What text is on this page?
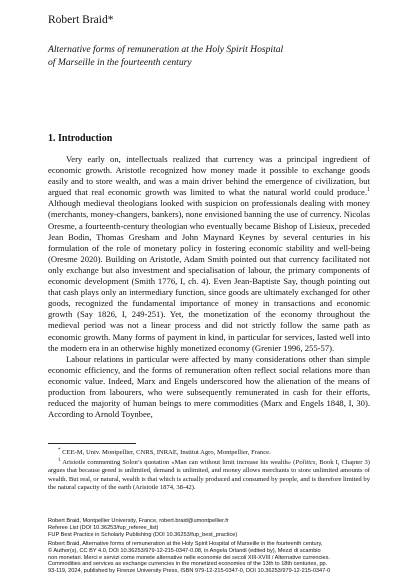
Robert Braid*
Alternative forms of remuneration at the Holy Spirit Hospital
of Marseille in the fourteenth century
1. Introduction

Very early on, intellectuals realized that currency was a principal ingredient of economic growth. Aristotle recognized how money made it possible to exchange goods easily and to store wealth, and was a main driver behind the emergence of civilization, but argued that real economic growth was limited to what the natural world could produce.$^1$ Although medieval theologians looked with suspicion on professionals dealing with money (merchants, money-changers, bankers), none envisioned banning the use of currency. Nicolas Oresme, a fourteenth-century theologian who eventually became Bishop of Lisieux, preceded Jean Bodin, Thomas Gresham and John Maynard Keynes by several centuries in his formulation of the role of monetary policy in fostering economic stability and well-being (Oresme 2020). Building on Aristotle, Adam Smith pointed out that currency facilitated not only exchange but also investment and specialisation of labour, the primary components of economic development (Smith 1776, I, ch. 4). Even Jean-Baptiste Say, though pointing out that cash plays only an intermediary function, since goods are ultimately exchanged for other goods, recognized the fundamental importance of money in transactions and economic growth (Say 1826, I, 249-251). Yet, the monetization of the economy throughout the medieval period was not a linear process and did not strictly follow the same path as economic growth. Many forms of payment in kind, in particular for services, lasted well into the modern era in an otherwise highly monetized economy (Grenier 1996, 255-57).

Labour relations in particular were affected by many considerations other than simple economic efficiency, and the forms of remuneration often reflect social relations more than economic value. Indeed, Marx and Engels underscored how the alienation of the means of production from labourers, who were subsequently remunerated in cash for their efforts, reduced the majority of human beings to mere commodities (Marx and Engels 1848, I, 30). According to Arnold Toynbee,

* CEE-M, Univ. Montpellier, CNRS, INRAE, Institut Agro, Montpellier, France.

$^1$ Aristotle commenting Solon’s quotation «Man can without limit increase his wealth» (Politics, Book I, Chapter 3) argues that because greed is unlimited, demand is unlimited, and money allows merchants to store unlimited amounts of wealth. But real, or natural, wealth is that which is actually produced and consumed by people, and is therefore limited by the natural capacity of the earth (Aristotle 1874, 38-42).

Robert Braid, Montpellier University, France, robert.braid@umontpellier.fr
Referee List (DOI 10.36253/fup_referee_list)
FUP Best Practice in Scholarly Publishing (DOI 10.36253/fup_best_practice)
Robert Braid, Alternative forms of remuneration at the Holy Spirit Hospital of Marseille in the fourteenth century,
© Author(s), CC BY 4.0, DOI 10.36253/979-12-215-0347-0.08, in Angela Orlandi (edited by), Mezzi di scambio
non monetari. Merci e servizi come monete alternative nelle economie dei secoli XIII-XVIII / Alternative currencies.
Commodities and services as exchange currencies in the monetized economies of the 13th to 18th centuries, pp.
93-119, 2024, published by Firenze University Press, ISBN 979-12-215-0347-0, DOI 10.36253/979-12-215-0347-0
